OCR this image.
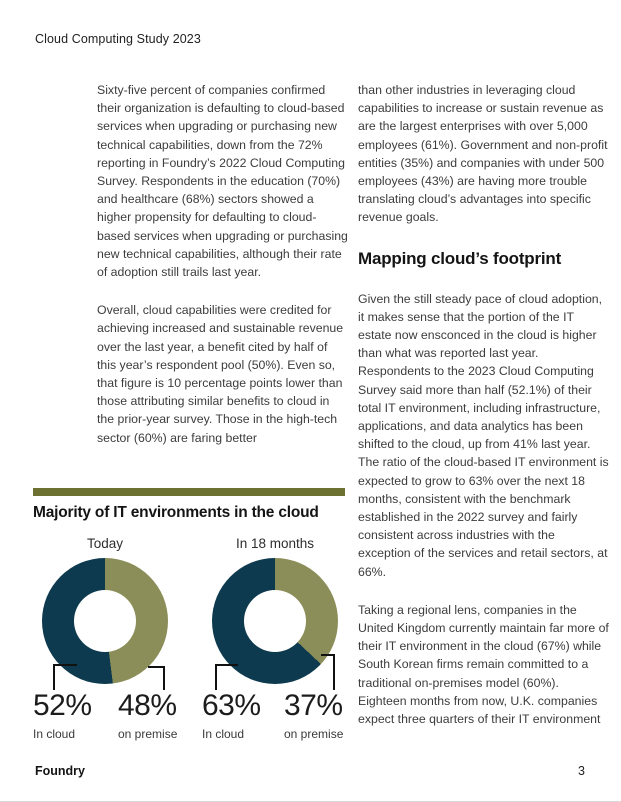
Cloud Computing Study 2023

Sixty-five percent of companies confirmed their organization is defaulting to cloud-based services when upgrading or purchasing new technical capabilities, down from the 72% reporting in Foundry’s 2022 Cloud Computing Survey. Respondents in the education (70%) and healthcare (68%) sectors showed a higher propensity for defaulting to cloud-based services when upgrading or purchasing new technical capabilities, although their rate of adoption still trails last year.

Overall, cloud capabilities were credited for achieving increased and sustainable revenue over the last year, a benefit cited by half of this year’s respondent pool (50%). Even so, that figure is 10 percentage points lower than those attributing similar benefits to cloud in the prior-year survey. Those in the high-tech sector (60%) are faring better

than other industries in leveraging cloud capabilities to increase or sustain revenue as are the largest enterprises with over 5,000 employees (61%). Government and non-profit entities (35%) and companies with under 500 employees (43%) are having more trouble translating cloud’s advantages into specific revenue goals.

Mapping cloud’s footprint

Given the still steady pace of cloud adoption, it makes sense that the portion of the IT estate now ensconced in the cloud is higher than what was reported last year. Respondents to the 2023 Cloud Computing Survey said more than half (52.1%) of their total IT environment, including infrastructure, applications, and data analytics has been shifted to the cloud, up from 41% last year. The ratio of the cloud-based IT environment is expected to grow to 63% over the next 18 months, consistent with the benchmark established in the 2022 survey and fairly consistent across industries with the exception of the services and retail sectors, at 66%.

Taking a regional lens, companies in the United Kingdom currently maintain far more of their IT environment in the cloud (67%) while South Korean firms remain committed to a traditional on-premises model (60%). Eighteen months from now, U.K. companies expect three quarters of their IT environment

Majority of IT environments in the cloud
Today	In 18 months
52%
In cloud
48%
on premise
63%
In cloud
37%
on premise
Foundry	3
